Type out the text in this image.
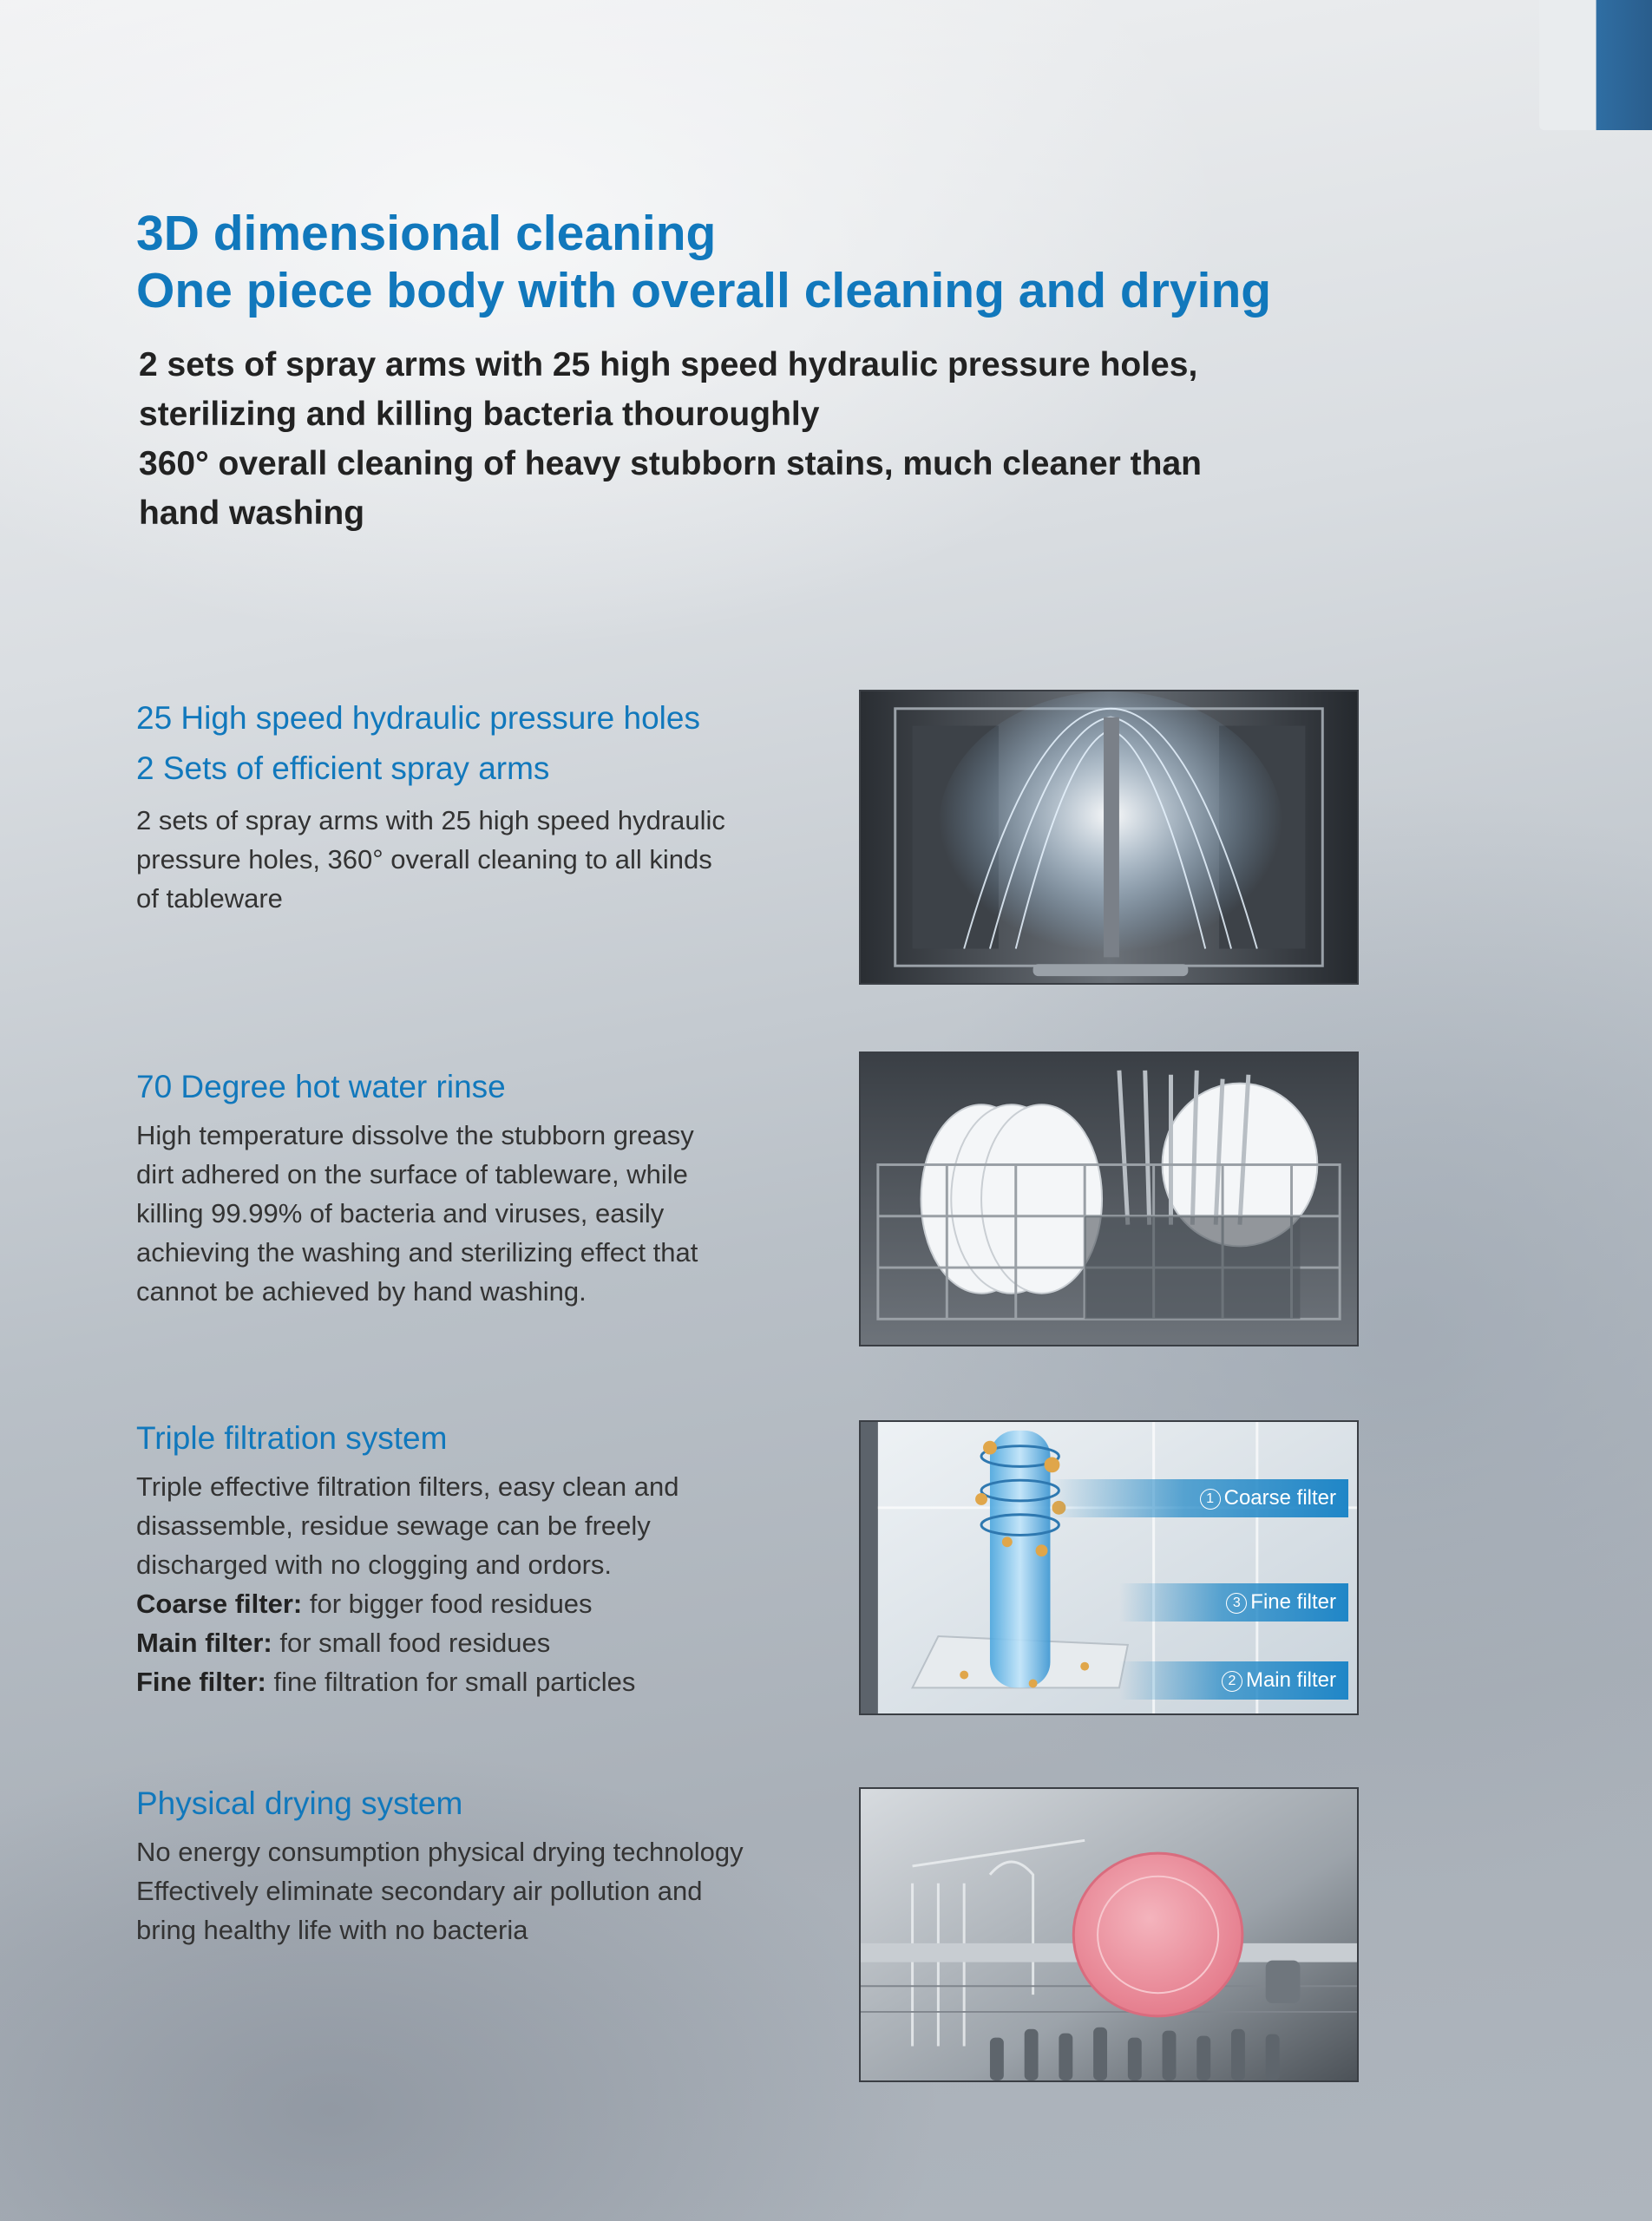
3D dimensional cleaning
One piece body with overall cleaning and drying

2 sets of spray arms with 25 high speed hydraulic pressure holes,
sterilizing and killing bacteria thouroughly
360° overall cleaning of heavy stubborn stains, much cleaner than
hand washing

25 High speed hydraulic pressure holes
2 Sets of efficient spray arms

2 sets of spray arms with 25 high speed hydraulic
pressure holes, 360° overall cleaning to all kinds
of tableware

70 Degree hot water rinse

High temperature dissolve the stubborn greasy
dirt adhered on the surface of tableware, while
killing 99.99% of bacteria and viruses, easily
achieving the washing and sterilizing effect that
cannot be achieved by hand washing.

Triple filtration system

Triple effective filtration filters, easy clean and
disassemble, residue sewage can be freely
discharged with no clogging and ordors.
Coarse filter: for bigger food residues
Main filter: for small food residues
Fine filter: fine filtration for small particles

1 Coarse filter
3 Fine filter
2 Main filter
Physical drying system

No energy consumption physical drying technology
Effectively eliminate secondary air pollution and
bring healthy life with no bacteria
